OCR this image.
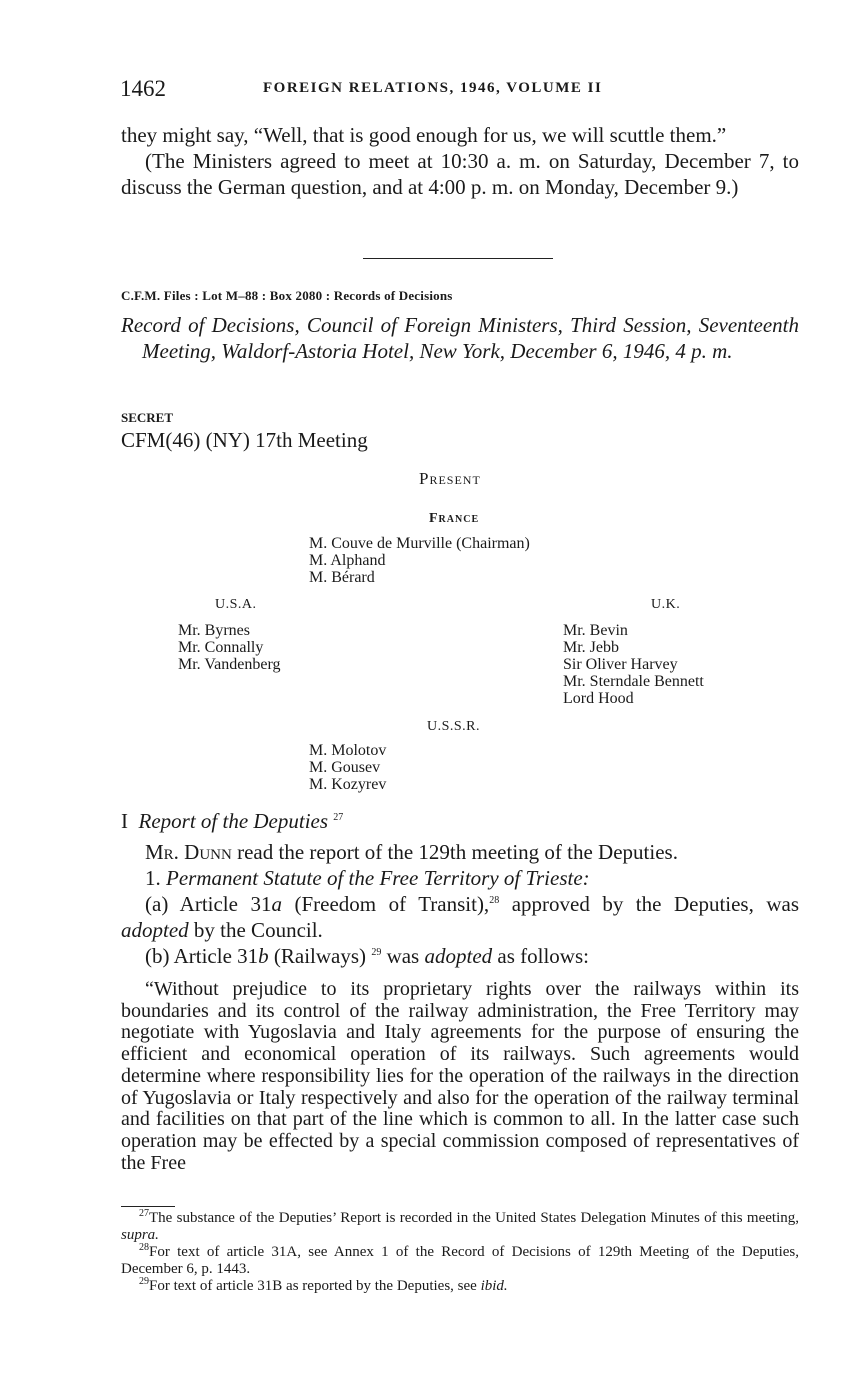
1462	FOREIGN RELATIONS, 1946, VOLUME II
they might say, “Well, that is good enough for us, we will scuttle them.”
(The Ministers agreed to meet at 10:30 a. m. on Saturday, December 7, to discuss the German question, and at 4:00 p. m. on Monday, December 9.)
C.F.M. Files : Lot M–88 : Box 2080 : Records of Decisions
Record of Decisions, Council of Foreign Ministers, Third Session, Seventeenth Meeting, Waldorf-Astoria Hotel, New York, December 6, 1946, 4 p. m.
SECRET
CFM(46) (NY) 17th Meeting
Present
France
M. Couve de Murville (Chairman)
M. Alphand
M. Bérard
U.S.A.
Mr. Byrnes
Mr. Connally
Mr. Vandenberg
U.K.
Mr. Bevin
Mr. Jebb
Sir Oliver Harvey
Mr. Sterndale Bennett
Lord Hood
U.S.S.R.
M. Molotov
M. Gousev
M. Kozyrev
I Report of the Deputies $^{27}$
Mr. Dunn read the report of the 129th meeting of the Deputies.
1. Permanent Statute of the Free Territory of Trieste:
(a) Article 31a (Freedom of Transit),$^{28}$ approved by the Deputies, was adopted by the Council.
(b) Article 31b (Railways) $^{29}$ was adopted as follows:
“Without prejudice to its proprietary rights over the railways within its boundaries and its control of the railway administration, the Free Territory may negotiate with Yugoslavia and Italy agreements for the purpose of ensuring the efficient and economical operation of its railways. Such agreements would determine where responsibility lies for the operation of the railways in the direction of Yugoslavia or Italy respectively and also for the operation of the railway terminal and facilities on that part of the line which is common to all. In the latter case such operation may be effected by a special commission composed of representatives of the Free

$^{27}$The substance of the Deputies’ Report is recorded in the United States Delegation Minutes of this meeting, supra.

$^{28}$For text of article 31A, see Annex 1 of the Record of Decisions of 129th Meeting of the Deputies, December 6, p. 1443.

$^{29}$For text of article 31B as reported by the Deputies, see ibid.
